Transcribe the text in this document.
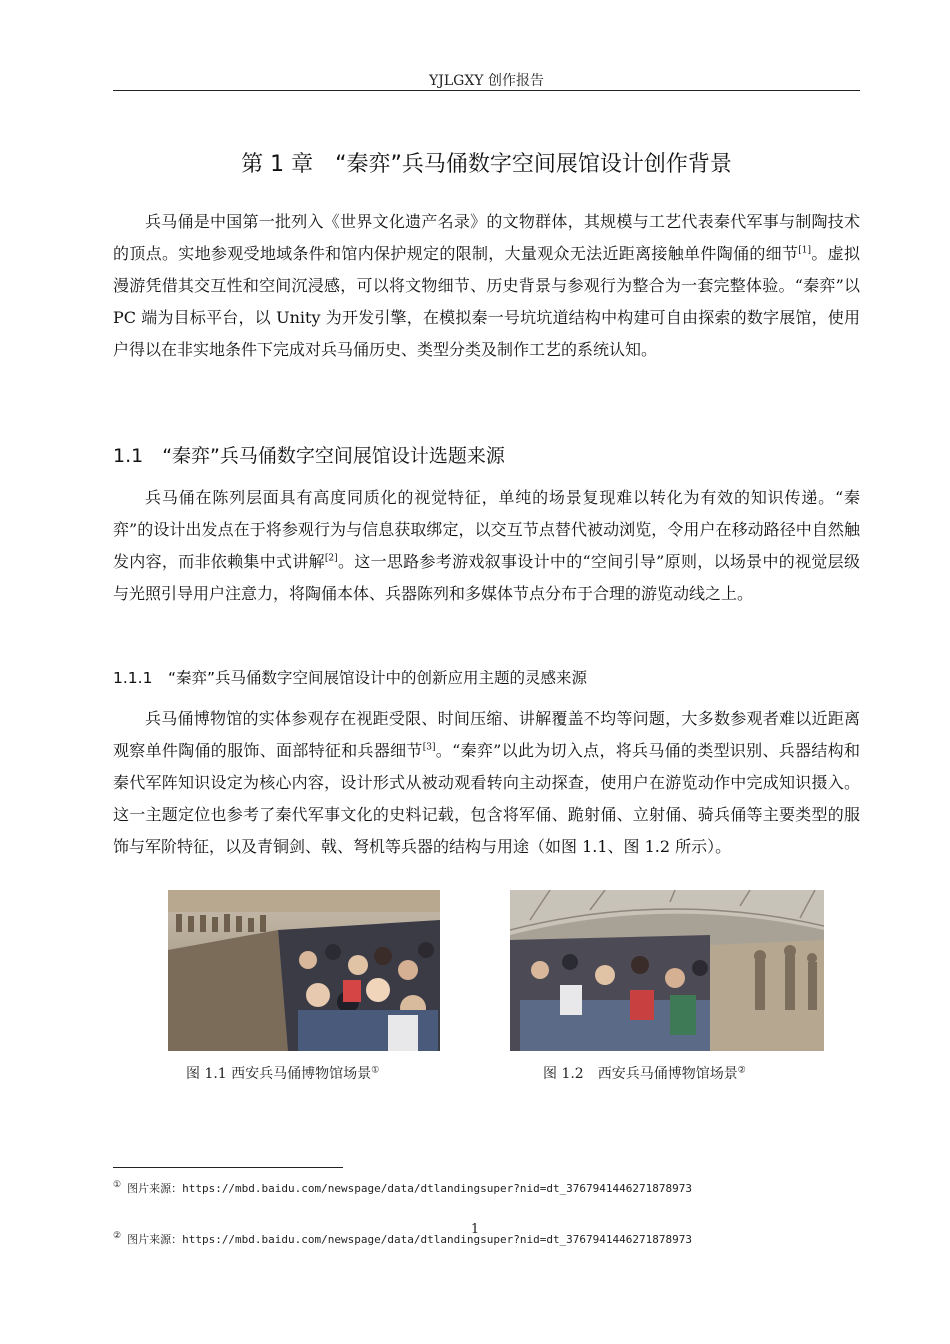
YJLGXY 创作报告
第 1 章　“秦弈”兵马俑数字空间展馆设计创作背景

兵马俑是中国第一批列入《世界文化遗产名录》的文物群体，其规模与工艺代表秦代军事与制陶技术的顶点。实地参观受地域条件和馆内保护规定的限制，大量观众无法近距离接触单件陶俑的细节[1]。虚拟漫游凭借其交互性和空间沉浸感，可以将文物细节、历史背景与参观行为整合为一套完整体验。“秦弈”以 PC 端为目标平台，以 Unity 为开发引擎，在模拟秦一号坑坑道结构中构建可自由探索的数字展馆，使用户得以在非实地条件下完成对兵马俑历史、类型分类及制作工艺的系统认知。

1.1　“秦弈”兵马俑数字空间展馆设计选题来源

兵马俑在陈列层面具有高度同质化的视觉特征，单纯的场景复现难以转化为有效的知识传递。“秦弈”的设计出发点在于将参观行为与信息获取绑定，以交互节点替代被动浏览，令用户在移动路径中自然触发内容，而非依赖集中式讲解[2]。这一思路参考游戏叙事设计中的“空间引导”原则，以场景中的视觉层级与光照引导用户注意力，将陶俑本体、兵器陈列和多媒体节点分布于合理的游览动线之上。

1.1.1　“秦弈”兵马俑数字空间展馆设计中的创新应用主题的灵感来源

兵马俑博物馆的实体参观存在视距受限、时间压缩、讲解覆盖不均等问题，大多数参观者难以近距离观察单件陶俑的服饰、面部特征和兵器细节[3]。“秦弈”以此为切入点，将兵马俑的类型识别、兵器结构和秦代军阵知识设定为核心内容，设计形式从被动观看转向主动探查，使用户在游览动作中完成知识摄入。这一主题定位也参考了秦代军事文化的史料记载，包含将军俑、跪射俑、立射俑、骑兵俑等主要类型的服饰与军阶特征，以及青铜剑、戟、弩机等兵器的结构与用途（如图 1.1、图 1.2 所示）。

图 1.1 西安兵马俑博物馆场景①	图 1.2　西安兵马俑博物馆场景②
① 图片来源：https://mbd.baidu.com/newspage/data/dtlandingsuper?nid=dt_3767941446271878973
② 图片来源：https://mbd.baidu.com/newspage/data/dtlandingsuper?nid=dt_3767941446271878973
1
